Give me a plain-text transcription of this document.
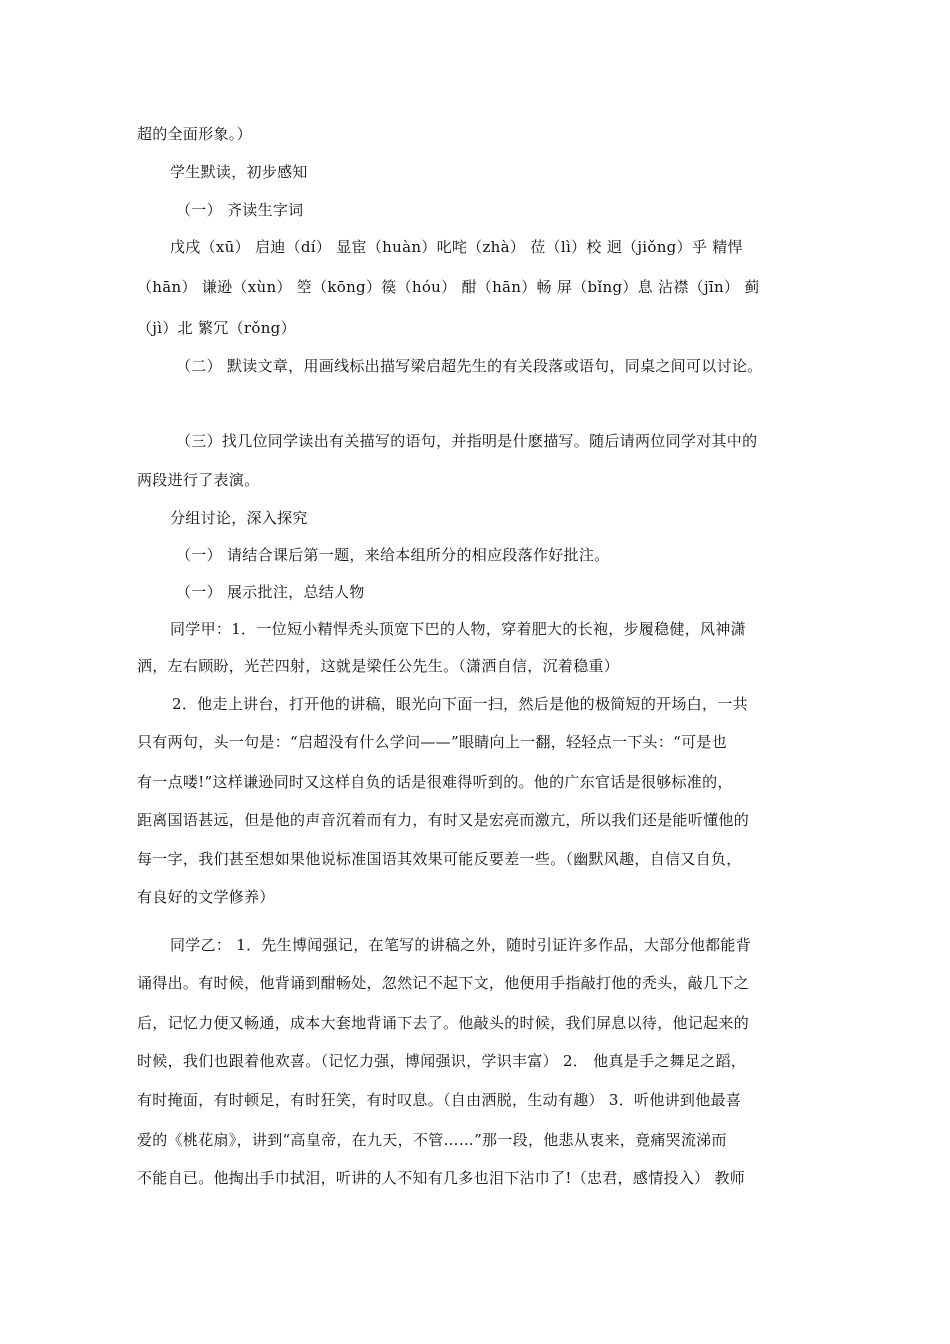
超的全面形象。）
学生默读，初步感知
（一） 齐读生字词
戊戌（xū） 启迪（dí） 显宦（huàn）叱咤（zhà） 莅（lì）校 迥（jiǒng）乎 精悍
（hān） 谦逊（xùn） 箜（kōng）篌（hóu） 酣（hān）畅 屏（bǐng）息 沾襟（jīn） 蓟
（jì）北 繁冗（rǒng）
（二） 默读文章，用画线标出描写梁启超先生的有关段落或语句，同桌之间可以讨论。
（三）找几位同学读出有关描写的语句，并指明是什麽描写。随后请两位同学对其中的
两段进行了表演。
分组讨论，深入探究
（一） 请结合课后第一题，来给本组所分的相应段落作好批注。
（一） 展示批注，总结人物
同学甲：1．一位短小精悍秃头顶宽下巴的人物，穿着肥大的长袍，步履稳健，风神潇
洒，左右顾盼，光芒四射，这就是梁任公先生。（潇洒自信，沉着稳重）
2．他走上讲台，打开他的讲稿，眼光向下面一扫，然后是他的极简短的开场白，一共
只有两句，头一句是：“启超没有什么学问——”眼睛向上一翻，轻轻点一下头：“可是也
有一点喽!”这样谦逊同时又这样自负的话是很难得听到的。他的广东官话是很够标准的，
距离国语甚远，但是他的声音沉着而有力，有时又是宏亮而激亢，所以我们还是能听懂他的
每一字，我们甚至想如果他说标准国语其效果可能反要差一些。（幽默风趣，自信又自负，
有良好的文学修养）
同学乙： 1．先生博闻强记，在笔写的讲稿之外，随时引证许多作品，大部分他都能背
诵得出。有时候，他背诵到酣畅处，忽然记不起下文，他便用手指敲打他的秃头，敲几下之
后，记忆力便又畅通，成本大套地背诵下去了。他敲头的时候，我们屏息以待，他记起来的
时候，我们也跟着他欢喜。（记忆力强，博闻强识，学识丰富） 2． 他真是手之舞足之蹈，
有时掩面，有时顿足，有时狂笑，有时叹息。（自由洒脱，生动有趣） 3．听他讲到他最喜
爱的《桃花扇》，讲到“高皇帝，在九天，不管……”那一段，他悲从衷来，竟痛哭流涕而
不能自已。他掏出手巾拭泪，听讲的人不知有几多也泪下沾巾了!（忠君，感情投入） 教师
